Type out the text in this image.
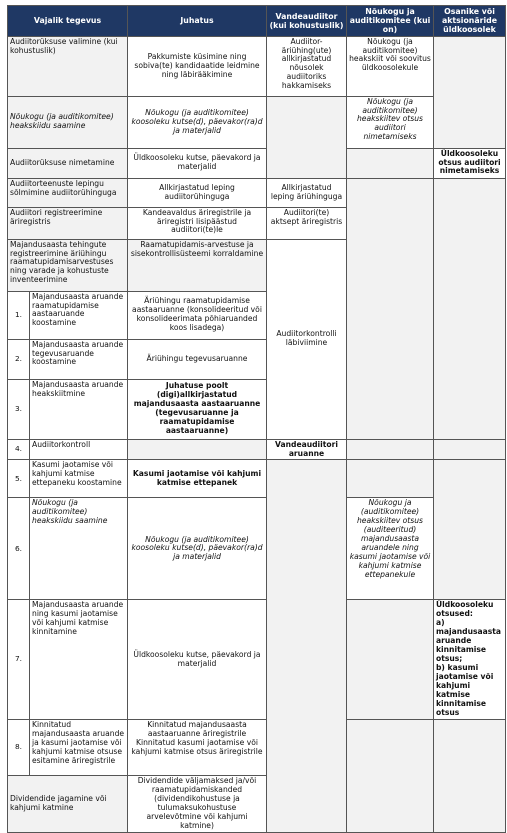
Vajalik tegevus		Juhatus	Vandeaudiitor (kui kohustuslik)	Nõukogu ja auditikomitee (kui on)	Osanike või aktsionäride üldkoosolek
Audiitorüksuse valimine (kui kohustuslik)		Pakkumiste küsimine ning sobiva(te) kandidaatide leidmine ning läbirääkimine	Audiitor-äriühing(ute) allkirjastatud nõusolek audiitoriks hakkamiseks	Nõukogu (ja auditikomitee) heakskiit või soovitus üldkoosolekule	
Nõukogu (ja auditikomitee) heakskiidu saamine		Nõukogu (ja auditikomitee) koosoleku kutse(d), päevakor(ra)d ja materjalid		Nõukogu (ja auditikomitee) heakskiitev otsus audiitori nimetamiseks	
Audiitorüksuse nimetamine		Üldkoosoleku kutse, päevakord ja materjalid			Üldkoosoleku otsus audiitori nimetamiseks
Audiitorteenuste lepingu sõlmimine audiitorühinguga		Allkirjastatud leping audiitorühinguga	Allkirjastatud leping äriühinguga		
Audiitori registreerimine äriregistris		Kandeavaldus äriregistrile ja äriregistri lisipäästud audiitori(te)le	Audiitori(te) aktsept äriregistris		
Majandusaasta tehingute registreerimine äriühingu raamatupidamisarvestuses ning varade ja kohustuste inventeerimine		Raamatupidamis-arvestuse ja sisekontrollisüsteemi korraldamine	Audiitorkontrolli läbiviimine		
1.	Majandusaasta aruande raamatupidamise aastaaruande koostamine	Äriühingu raamatupidamise aastaaruanne (konsolideeritud või konsolideerimata põhiaruanded koos lisadega)			
2.	Majandusaasta aruande tegevusaruande koostamine	Äriühingu tegevusaruanne			
3.	Majandusaasta aruande heakskiitmine	Juhatuse poolt (digi)allkirjastatud majandusaasta aastaaruanne (tegevusaruanne ja raamatupidamise aastaaruanne)			
4.	Audiitorkontroll		Vandeaudiitori aruanne		
5.	Kasumi jaotamise või kahjumi katmise ettepaneku koostamine	Kasumi jaotamise või kahjumi katmise ettepanek			
6.	Nõukogu (ja auditikomitee) heakskiidu saamine	Nõukogu (ja auditikomitee) koosoleku kutse(d), päevakor(ra)d ja materjalid		Nõukogu ja (auditikomitee) heakskiitev otsus (auditeeritud) majandusaasta aruandele ning kasumi jaotamise või kahjumi katmise ettepanekule	
7.	Majandusaasta aruande ning kasumi jaotamise või kahjumi katmise kinnitamine	Üldkoosoleku kutse, päevakord ja materjalid			Üldkoosoleku otsused:
a) majandusaasta aruande kinnitamise otsus;
b) kasumi jaotamise või kahjumi katmise kinnitamise otsus

8.	Kinnitatud majandusaasta aruande ja kasumi jaotamise või kahjumi katmise otsuse esitamine äriregistrile	Kinnitatud majandusaasta aastaaruanne äriregistrile Kinnitatud kasumi jaotamise või kahjumi katmise otsus äriregistrile			
Dividendide jagamine või kahjumi katmine		Dividendide väljamaksed ja/või raamatupidamiskanded (dividendikohustuse ja tulumaksukohustuse arvelevõtmine või kahjumi katmine)			
